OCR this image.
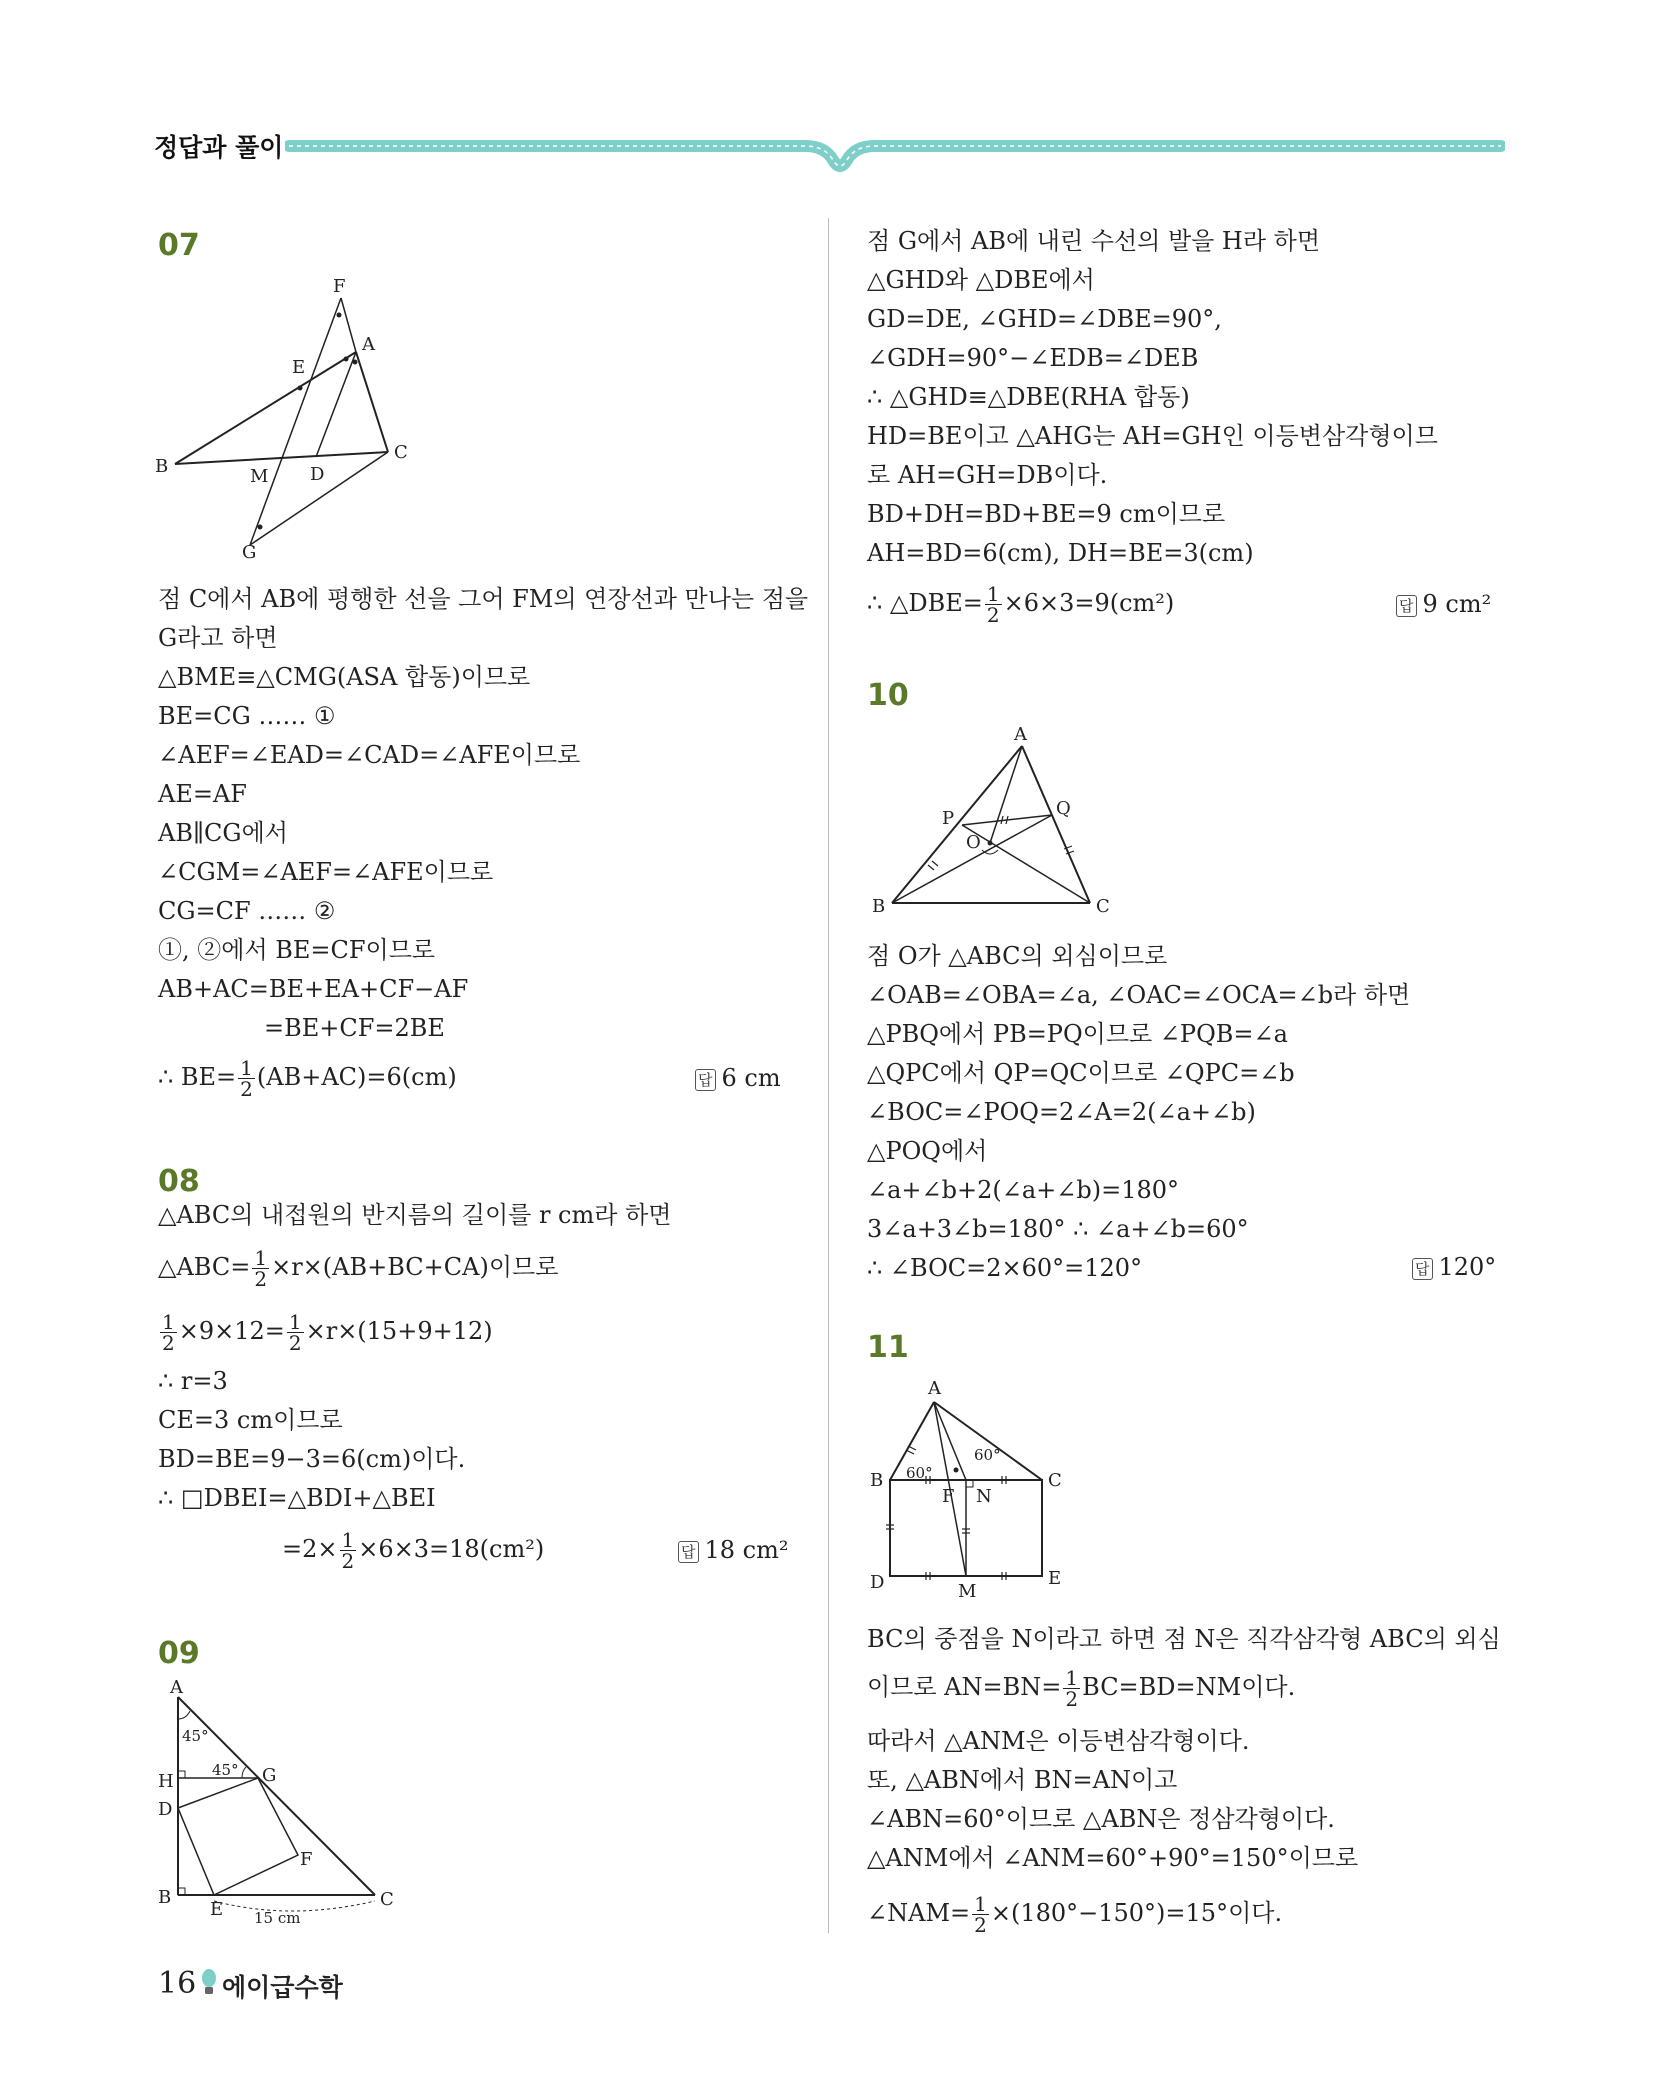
정답과 풀이
07
F
A
E
B	M D
C
G
점 C에서 AB에 평행한 선을 그어 FM의 연장선과 만나는 점을
G라고 하면
△BME≡△CMG(ASA 합동)이므로
BE=CG …… ①
∠AEF=∠EAD=∠CAD=∠AFE이므로
AE=AF
AB∥CG에서
∠CGM=∠AEF=∠AFE이므로
CG=CF …… ②
①, ②에서 BE=CF이므로
AB+AC=BE+EA+CF−AF
=BE+CF=2BE
∴ $BE= \frac{1}{2} (AB+AC)=6(cm)$	답 6 cm
08
△ABC의 내접원의 반지름의 길이를 r cm라 하면
△ABC= $\frac{1}{2} \times r\times(AB+BC+CA)$이므로
$\frac{1}{2} \times 9\times 12= \frac{1}{2} \times r\times(15+9+12)$
∴ r=3
CE=3 cm이므로
BD=BE=9−3=6(cm)이다.
∴ □DBEI=△BDI+△BEI
$=2\times \frac{1}{2} \times 6\times 3=18(cm^2)$	답 18 cm²
09
A
H	G
D
F
B
E	C
45°
45°
15 cm
점 G에서 AB에 내린 수선의 발을 H라 하면
△GHD와 △DBE에서
GD=DE, ∠GHD=∠DBE=90°,
∠GDH=90°−∠EDB=∠DEB
∴ △GHD≡△DBE(RHA 합동)
HD=BE이고 △AHG는 AH=GH인 이등변삼각형이므
로 AH=GH=DB이다.
BD+DH=BD+BE=9 cm이므로
AH=BD=6(cm), DH=BE=3(cm)
∴ △DBE= $\frac{1}{2} \times 6\times 3=9(cm^2)$	답 9 cm²
10
A
P	Q
O
B	C
점 O가 △ABC의 외심이므로
∠OAB=∠OBA=∠a, ∠OAC=∠OCA=∠b라 하면
△PBQ에서 PB=PQ이므로 ∠PQB=∠a
△QPC에서 QP=QC이므로 ∠QPC=∠b
∠BOC=∠POQ=2∠A=2(∠a+∠b)
△POQ에서
∠a+∠b+2(∠a+∠b)=180°
3∠a+3∠b=180° ∴ ∠a+∠b=60°
∴ ∠BOC=2×60°=120°	답 120°
11
A
B	C
D	E
F N
M
60°
60°
BC의 중점을 N이라고 하면 점 N은 직각삼각형 ABC의 외심
이므로 $AN=BN= \frac{1}{2} BC=BD=NM$이다.
따라서 △ANM은 이등변삼각형이다.
또, △ABN에서 BN=AN이고
∠ABN=60°이므로 △ABN은 정삼각형이다.
△ANM에서 ∠ANM=60°+90°=150°이므로
∠NAM= $\frac{1}{2} \times(180^\circ-150^\circ)=15^\circ$이다.
16 에이급수학
